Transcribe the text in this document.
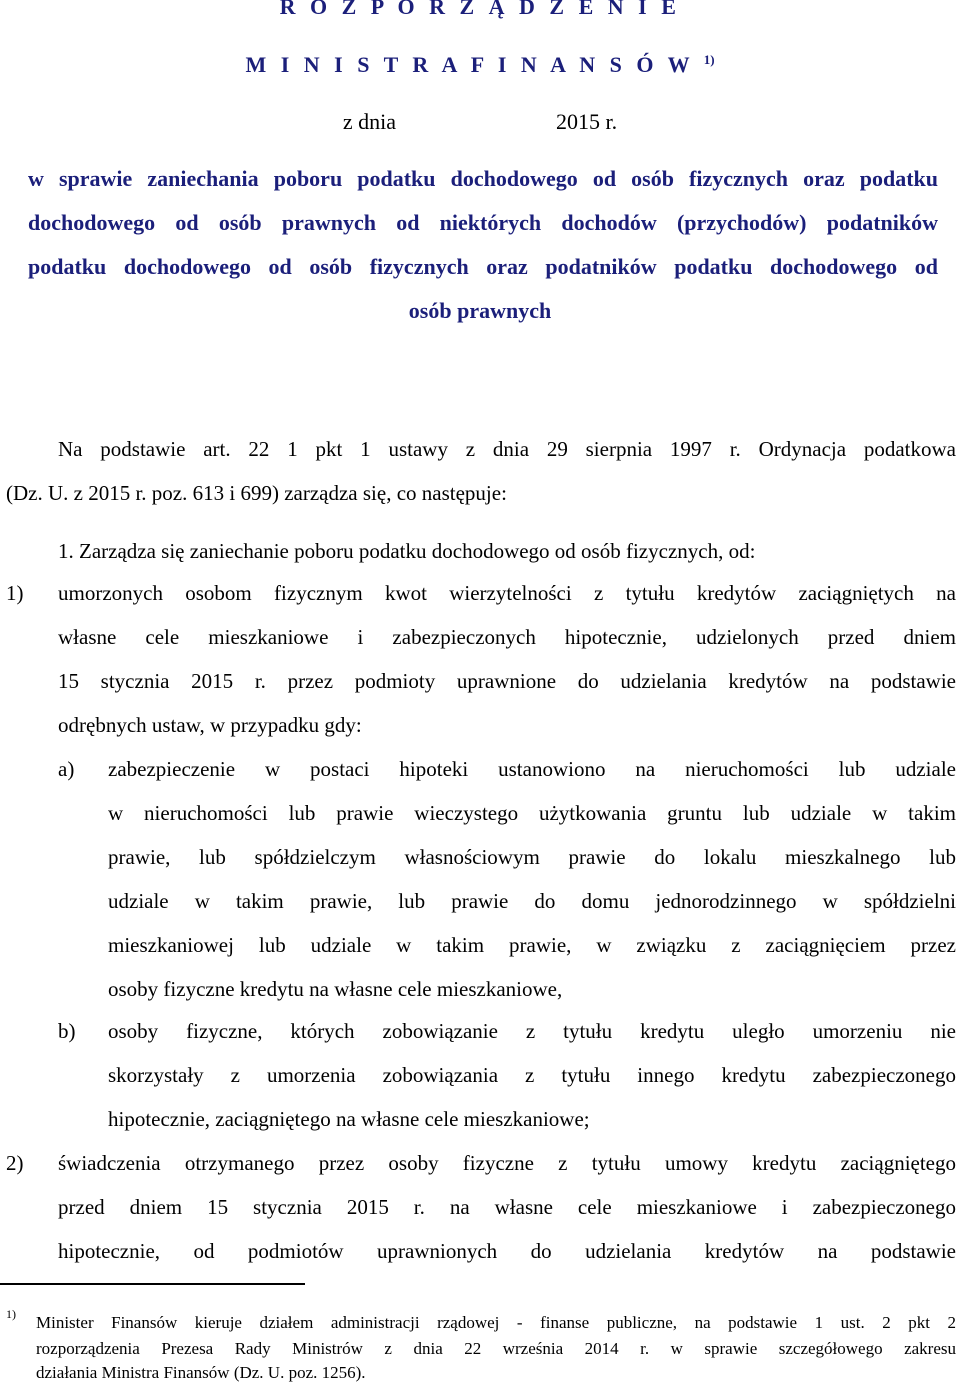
R O Z P O R Z Ą D Z E N I E
M I N I S T R A F I N A N S Ó W $^{1)}$
z dnia	2015 r.
w sprawie zaniechania poboru podatku dochodowego od osób fizycznych oraz podatku
dochodowego od osób prawnych od niektórych dochodów (przychodów) podatników
podatku dochodowego od osób fizycznych oraz podatników podatku dochodowego od
osób prawnych
Na podstawie art. 22 1 pkt 1 ustawy z dnia 29 sierpnia 1997 r. Ordynacja podatkowa
(Dz. U. z 2015 r. poz. 613 i 699) zarządza się, co następuje:
1. Zarządza się zaniechanie poboru podatku dochodowego od osób fizycznych, od:
1) umorzonych osobom fizycznym kwot wierzytelności z tytułu kredytów zaciągniętych na
własne cele mieszkaniowe i zabezpieczonych hipotecznie, udzielonych przed dniem
15 stycznia 2015 r. przez podmioty uprawnione do udzielania kredytów na podstawie
odrębnych ustaw, w przypadku gdy:
a) zabezpieczenie w postaci hipoteki ustanowiono na nieruchomości lub udziale
w nieruchomości lub prawie wieczystego użytkowania gruntu lub udziale w takim
prawie, lub spółdzielczym własnościowym prawie do lokalu mieszkalnego lub
udziale w takim prawie, lub prawie do domu jednorodzinnego w spółdzielni
mieszkaniowej lub udziale w takim prawie, w związku z zaciągnięciem przez
osoby fizyczne kredytu na własne cele mieszkaniowe,
b) osoby fizyczne, których zobowiązanie z tytułu kredytu uległo umorzeniu nie
skorzystały z umorzenia zobowiązania z tytułu innego kredytu zabezpieczonego
hipotecznie, zaciągniętego na własne cele mieszkaniowe;
2) świadczenia otrzymanego przez osoby fizyczne z tytułu umowy kredytu zaciągniętego
przed dniem 15 stycznia 2015 r. na własne cele mieszkaniowe i zabezpieczonego
hipotecznie, od podmiotów uprawnionych do udzielania kredytów na podstawie
1) Minister Finansów kieruje działem administracji rządowej - finanse publiczne, na podstawie 1 ust. 2 pkt 2
rozporządzenia Prezesa Rady Ministrów z dnia 22 września 2014 r. w sprawie szczegółowego zakresu
działania Ministra Finansów (Dz. U. poz. 1256).
